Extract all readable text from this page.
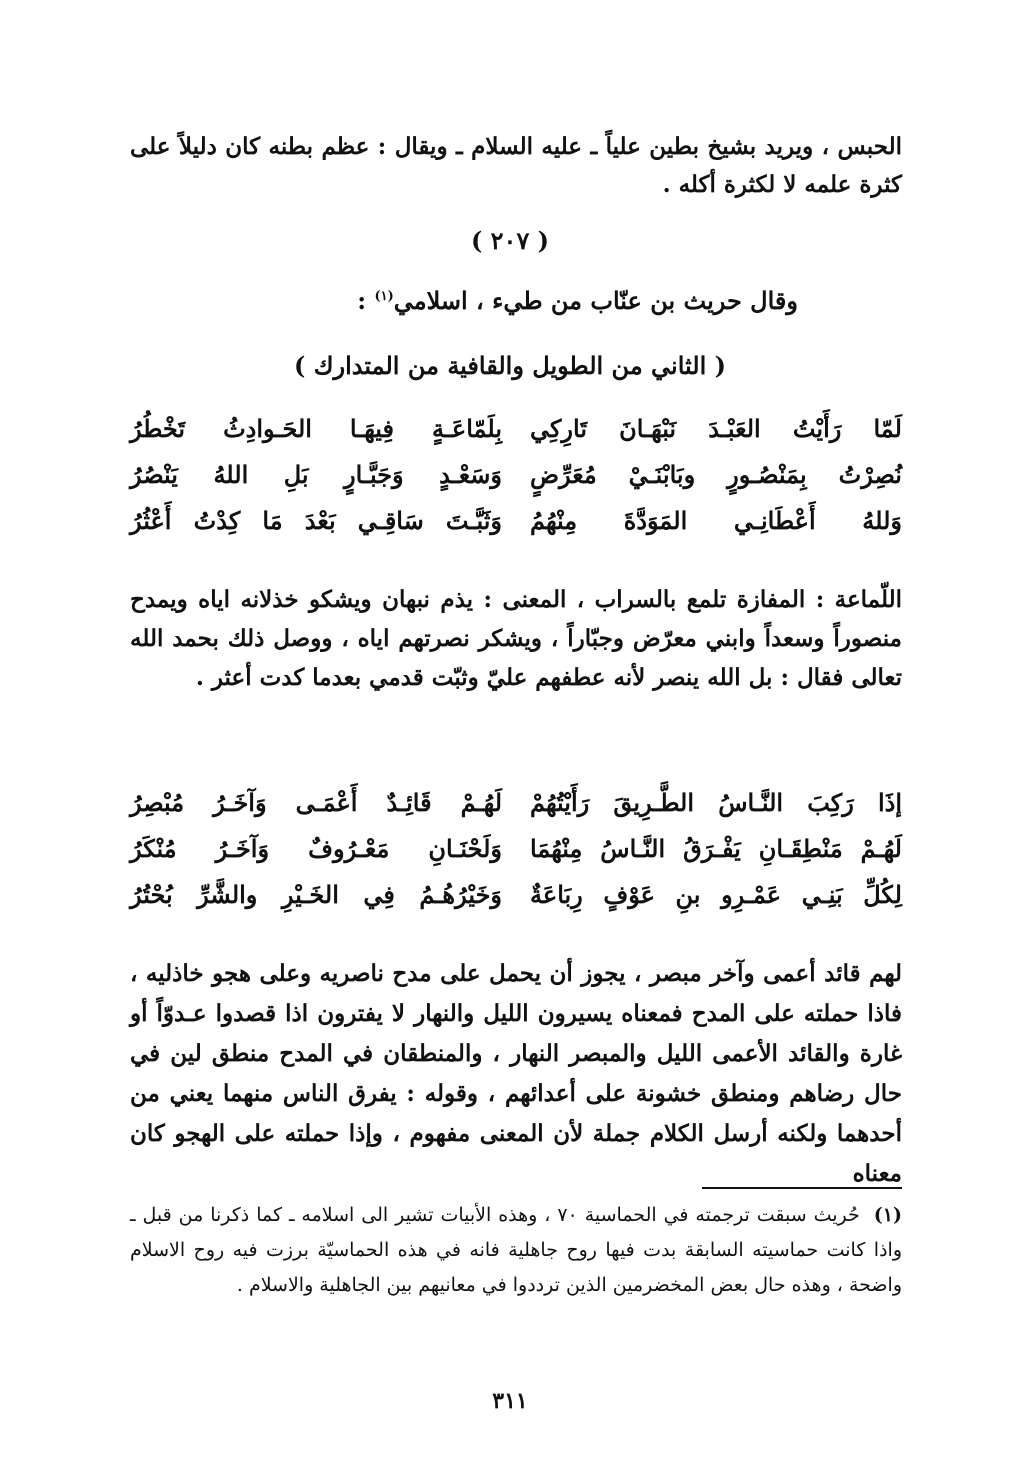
الحبس ، ويريد بشيخ بطين علياً ـ عليه السلام ـ ويقال : عظم بطنه كان دليلاً على كثرة علمه لا لكثرة أكله .
( ٢٠٧ )
وقال حريث بن عنّاب من طيء ، اسلامي$^{(١)}$ :
( الثاني من الطويل والقافية من المتدارك )
لَمّا رَأَيْتُ العَبْـدَ نَبْهَـانَ تَارِكِي
بِلَمّاعَـةٍ فِيهَـا الحَـوادِثُ تَخْطُرُ
نُصِرْتُ بِمَنْصُـورٍ وبَابْنَـيْ مُعَرِّضٍ
وَسَعْـدٍ وَجَبَّـارٍ بَلِ اللهُ يَنْصُرُ
وَللهُ أَعْطَانِـي المَوَدَّةَ مِنْهُمُ
وَثَبَّـتَ سَاقِـي بَعْدَ مَا كِدْتُ أَعْثُرُ
اللّماعة : المفازة تلمع بالسراب ، المعنى : يذم نبهان ويشكو خذلانه اياه ويمدح منصوراً وسعداً وابني معرّض وجبّاراً ، ويشكر نصرتهم اياه ، ووصل ذلك بحمد الله تعالى فقال : بل الله ينصر لأنه عطفهم عليّ وثبّت قدمي بعدما كدت أعثر .
إذَا رَكِبَ النَّـاسُ الطَّـرِيقَ رَأَيْتُهُمْ
لَهُـمْ قَائِـدٌ أَعْمَـى وَآخَـرُ مُبْصِرُ
لَهُـمْ مَنْطِقَـانِ يَفْـرَقُ النَّـاسُ مِنْهُمَا
وَلَحْنَـانِ مَعْـرُوفٌ وَآخَـرُ مُنْكَرُ
لِكُلِّ بَنِـي عَمْـرِو بنِ عَوْفٍ رِبَاعَةٌ
وَخَيْرُهُـمُ فِي الخَـيْرِ والشَّرِّ بُحْتُرُ
لهم قائد أعمى وآخر مبصر ، يجوز أن يحمل على مدح ناصريه وعلى هجو خاذليه ، فاذا حملته على المدح فمعناه يسيرون الليل والنهار لا يفترون اذا قصدوا عـدوّاً أو غارة والقائد الأعمى الليل والمبصر النهار ، والمنطقان في المدح منطق لين في حال رضاهم ومنطق خشونة على أعدائهم ، وقوله : يفرق الناس منهما يعني من أحدهما ولكنه أرسل الكلام جملة لأن المعنى مفهوم ، وإذا حملته على الهجو كان معناه
(١)حُريث سبقت ترجمته في الحماسية ٧٠ ، وهذه الأبيات تشير الى اسلامه ـ كما ذكرنا من قبل ـ واذا كانت حماسيته السابقة بدت فيها روح جاهلية فانه في هذه الحماسيّة برزت فيه روح الاسلام واضحة ، وهذه حال بعض المخضرمين الذين ترددوا في معانيهم بين الجاهلية والاسلام .
٣١١
